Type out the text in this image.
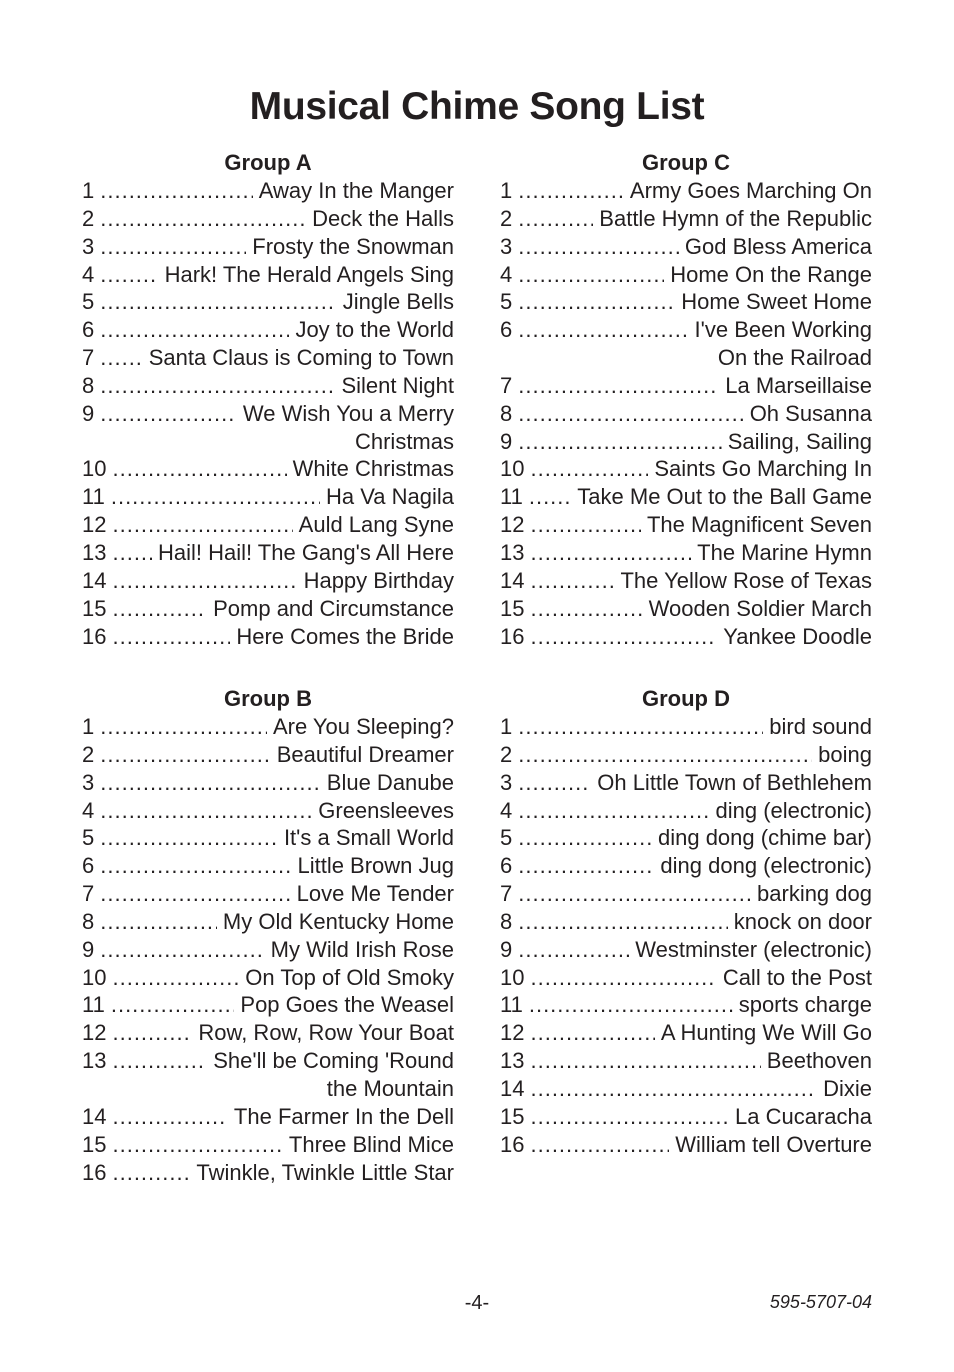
Musical Chime Song List
Group A
1 .....	Away In the Manger
2 .....	Deck the Halls
3 .....	Frosty the Snowman
4 .....	Hark! The Herald Angels Sing
5 .....	Jingle Bells
6 .....	Joy to the World
7 ..... Santa Claus is Coming to Town
8 .....	Silent Night
9 .....	We Wish You a Merry
Christmas
10 .....	White Christmas
11 .....	Ha Va Nagila
12 .....	Auld Lang Syne
13 ..... Hail! Hail! The Gang's All Here
14 .....	Happy Birthday
15 .....	Pomp and Circumstance
16 .....	Here Comes the Bride
Group B
1 .....	Are You Sleeping?
2 .....	Beautiful Dreamer
3 .....	Blue Danube
4 .....	Greensleeves
5 .....	It's a Small World
6 .....	Little Brown Jug
7 .....	Love Me Tender
8 .....	My Old Kentucky Home
9 .....	My Wild Irish Rose
10 .....	On Top of Old Smoky
11 .....	Pop Goes the Weasel
12 .....	Row, Row, Row Your Boat
13 .....	She'll be Coming 'Round
the Mountain
14 .....	The Farmer In the Dell
15 .....	Three Blind Mice
16 .....	Twinkle, Twinkle Little Star
Group C
1 .....	Army Goes Marching On
2 .....	Battle Hymn of the Republic
3 .....	God Bless America
4 .....	Home On the Range
5 .....	Home Sweet Home
6 .....	I've Been Working
On the Railroad
7 .....	La Marseillaise
8 .....	Oh Susanna
9 .....	Sailing, Sailing
10 .....	Saints Go Marching In
11 ..... Take Me Out to the Ball Game
12 .....	The Magnificent Seven
13 .....	The Marine Hymn
14 .....	The Yellow Rose of Texas
15 .....	Wooden Soldier March
16 .....	Yankee Doodle
Group D
1 .....	bird sound
2 .....	boing
3 .....	Oh Little Town of Bethlehem
4 .....	ding (electronic)
5 .....	ding dong (chime bar)
6 .....	ding dong (electronic)
7 .....	barking dog
8 .....	knock on door
9 .....	Westminster (electronic)
10 .....	Call to the Post
11 .....	sports charge
12 .....	A Hunting We Will Go
13 .....	Beethoven
14 .....	Dixie
15 .....	La Cucaracha
16 .....	William tell Overture
-4-	595-5707-04
